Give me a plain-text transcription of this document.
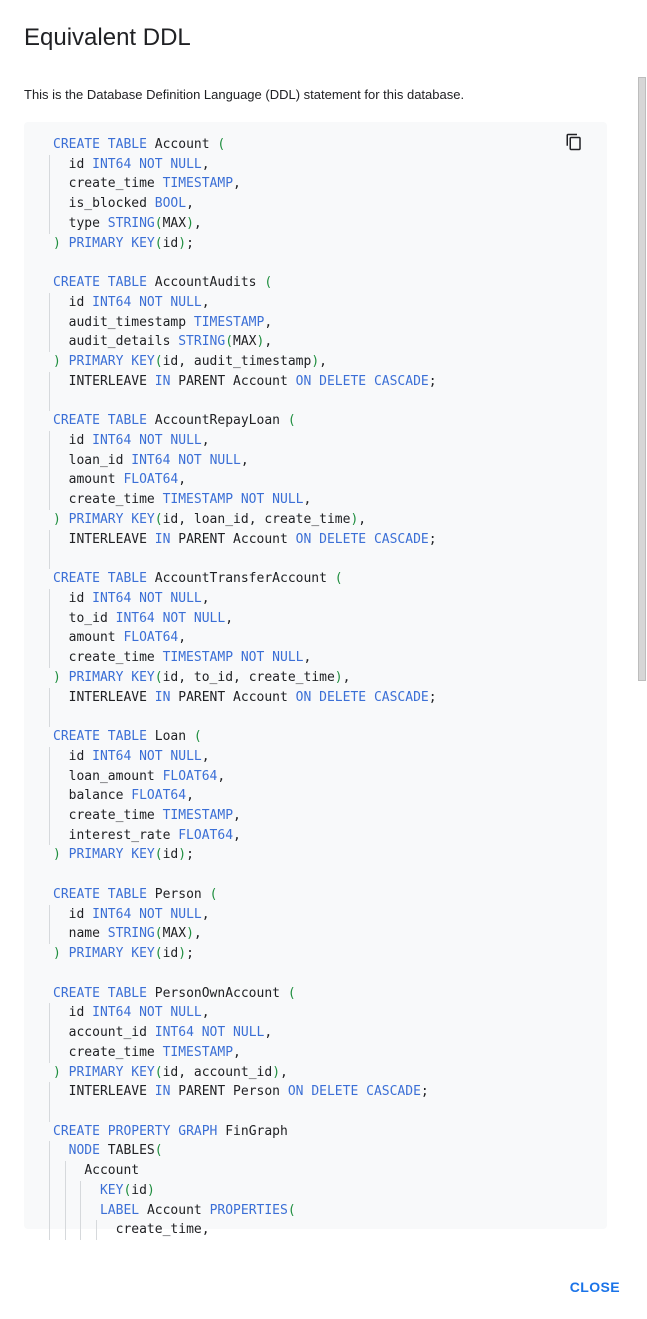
Equivalent DDL

This is the Database Definition Language (DDL) statement for this database.

CREATE TABLE Account (
id INT64 NOT NULL,
create_time TIMESTAMP,
is_blocked BOOL,
type STRING(MAX),
) PRIMARY KEY(id);
CREATE TABLE AccountAudits (
id INT64 NOT NULL,
audit_timestamp TIMESTAMP,
audit_details STRING(MAX),
) PRIMARY KEY(id, audit_timestamp),
INTERLEAVE IN PARENT Account ON DELETE CASCADE;
CREATE TABLE AccountRepayLoan (
id INT64 NOT NULL,
loan_id INT64 NOT NULL,
amount FLOAT64,
create_time TIMESTAMP NOT NULL,
) PRIMARY KEY(id, loan_id, create_time),
INTERLEAVE IN PARENT Account ON DELETE CASCADE;
CREATE TABLE AccountTransferAccount (
id INT64 NOT NULL,
to_id INT64 NOT NULL,
amount FLOAT64,
create_time TIMESTAMP NOT NULL,
) PRIMARY KEY(id, to_id, create_time),
INTERLEAVE IN PARENT Account ON DELETE CASCADE;
CREATE TABLE Loan (
id INT64 NOT NULL,
loan_amount FLOAT64,
balance FLOAT64,
create_time TIMESTAMP,
interest_rate FLOAT64,
) PRIMARY KEY(id);
CREATE TABLE Person (
id INT64 NOT NULL,
name STRING(MAX),
) PRIMARY KEY(id);
CREATE TABLE PersonOwnAccount (
id INT64 NOT NULL,
account_id INT64 NOT NULL,
create_time TIMESTAMP,
) PRIMARY KEY(id, account_id),
INTERLEAVE IN PARENT Person ON DELETE CASCADE;
CREATE PROPERTY GRAPH FinGraph
NODE TABLES(
Account
KEY(id)
LABEL Account PROPERTIES(
create_time,
CLOSE
